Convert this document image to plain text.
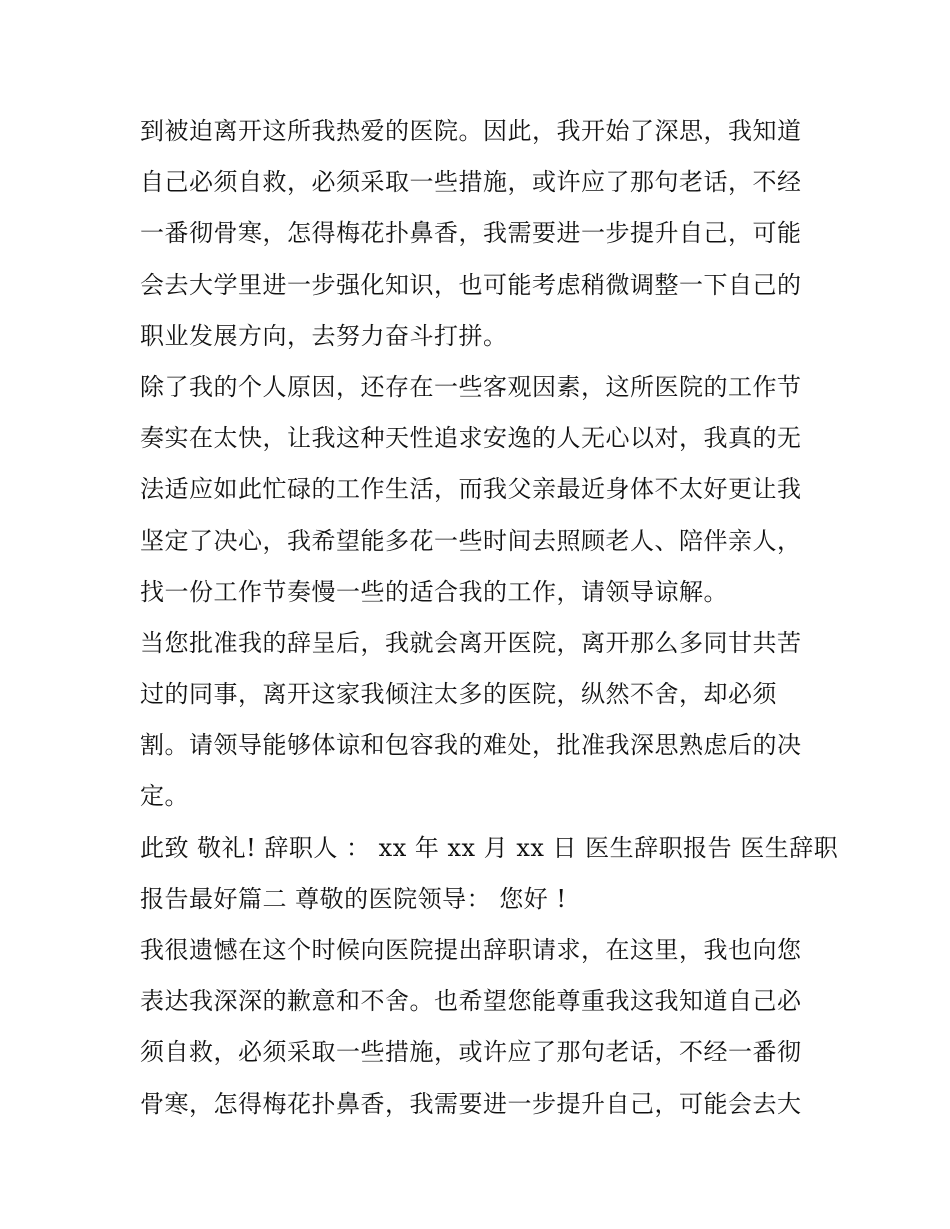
到被迫离开这所我热爱的医院。因此，我开始了深思，我知道
自己必须自救，必须采取一些措施，或许应了那句老话，不经
一番彻骨寒，怎得梅花扑鼻香，我需要进一步提升自己，可能
会去大学里进一步强化知识，也可能考虑稍微调整一下自己的
职业发展方向，去努力奋斗打拼。
除了我的个人原因，还存在一些客观因素，这所医院的工作节
奏实在太快，让我这种天性追求安逸的人无心以对，我真的无
法适应如此忙碌的工作生活，而我父亲最近身体不太好更让我
坚定了决心，我希望能多花一些时间去照顾老人、陪伴亲人，
找一份工作节奏慢一些的适合我的工作，请领导谅解。
当您批准我的辞呈后，我就会离开医院，离开那么多同甘共苦
过的同事，离开这家我倾注太多的医院，纵然不舍，却必须
割。请领导能够体谅和包容我的难处，批准我深思熟虑后的决
定。
此致 敬礼! 辞职人 ： xx 年 xx 月 xx 日 医生辞职报告 医生辞职
报告最好篇二 尊敬的医院领导： 您好 !
我很遗憾在这个时候向医院提出辞职请求，在这里，我也向您
表达我深深的歉意和不舍。也希望您能尊重我这我知道自己必
须自救，必须采取一些措施，或许应了那句老话，不经一番彻
骨寒，怎得梅花扑鼻香，我需要进一步提升自己，可能会去大
